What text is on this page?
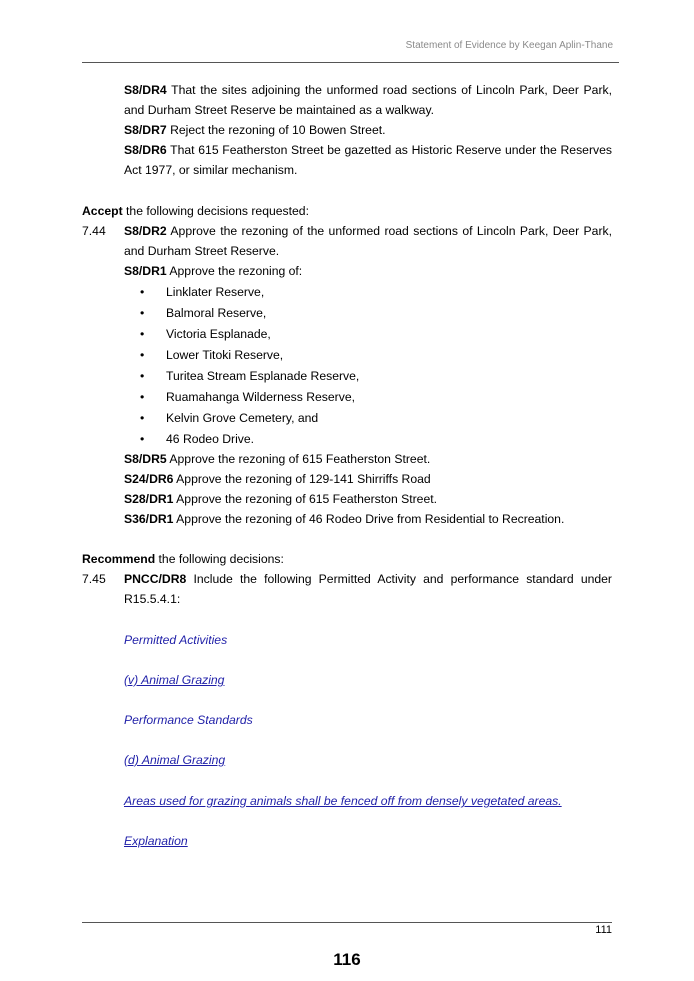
Statement of Evidence by Keegan Aplin-Thane
S8/DR4 That the sites adjoining the unformed road sections of Lincoln Park, Deer Park, and Durham Street Reserve be maintained as a walkway.
S8/DR7 Reject the rezoning of 10 Bowen Street.
S8/DR6 That 615 Featherston Street be gazetted as Historic Reserve under the Reserves Act 1977, or similar mechanism.
Accept the following decisions requested:
7.44 S8/DR2 Approve the rezoning of the unformed road sections of Lincoln Park, Deer Park, and Durham Street Reserve.
S8/DR1 Approve the rezoning of:
• Linklater Reserve,
• Balmoral Reserve,
• Victoria Esplanade,
• Lower Titoki Reserve,
• Turitea Stream Esplanade Reserve,
• Ruamahanga Wilderness Reserve,
• Kelvin Grove Cemetery, and
• 46 Rodeo Drive.
S8/DR5 Approve the rezoning of 615 Featherston Street.
S24/DR6 Approve the rezoning of 129-141 Shirriffs Road
S28/DR1 Approve the rezoning of 615 Featherston Street.
S36/DR1 Approve the rezoning of 46 Rodeo Drive from Residential to Recreation.
Recommend the following decisions:
7.45 PNCC/DR8 Include the following Permitted Activity and performance standard under R15.5.4.1:
Permitted Activities
(v) Animal Grazing
Performance Standards
(d) Animal Grazing
Areas used for grazing animals shall be fenced off from densely vegetated areas.
Explanation
111
116
